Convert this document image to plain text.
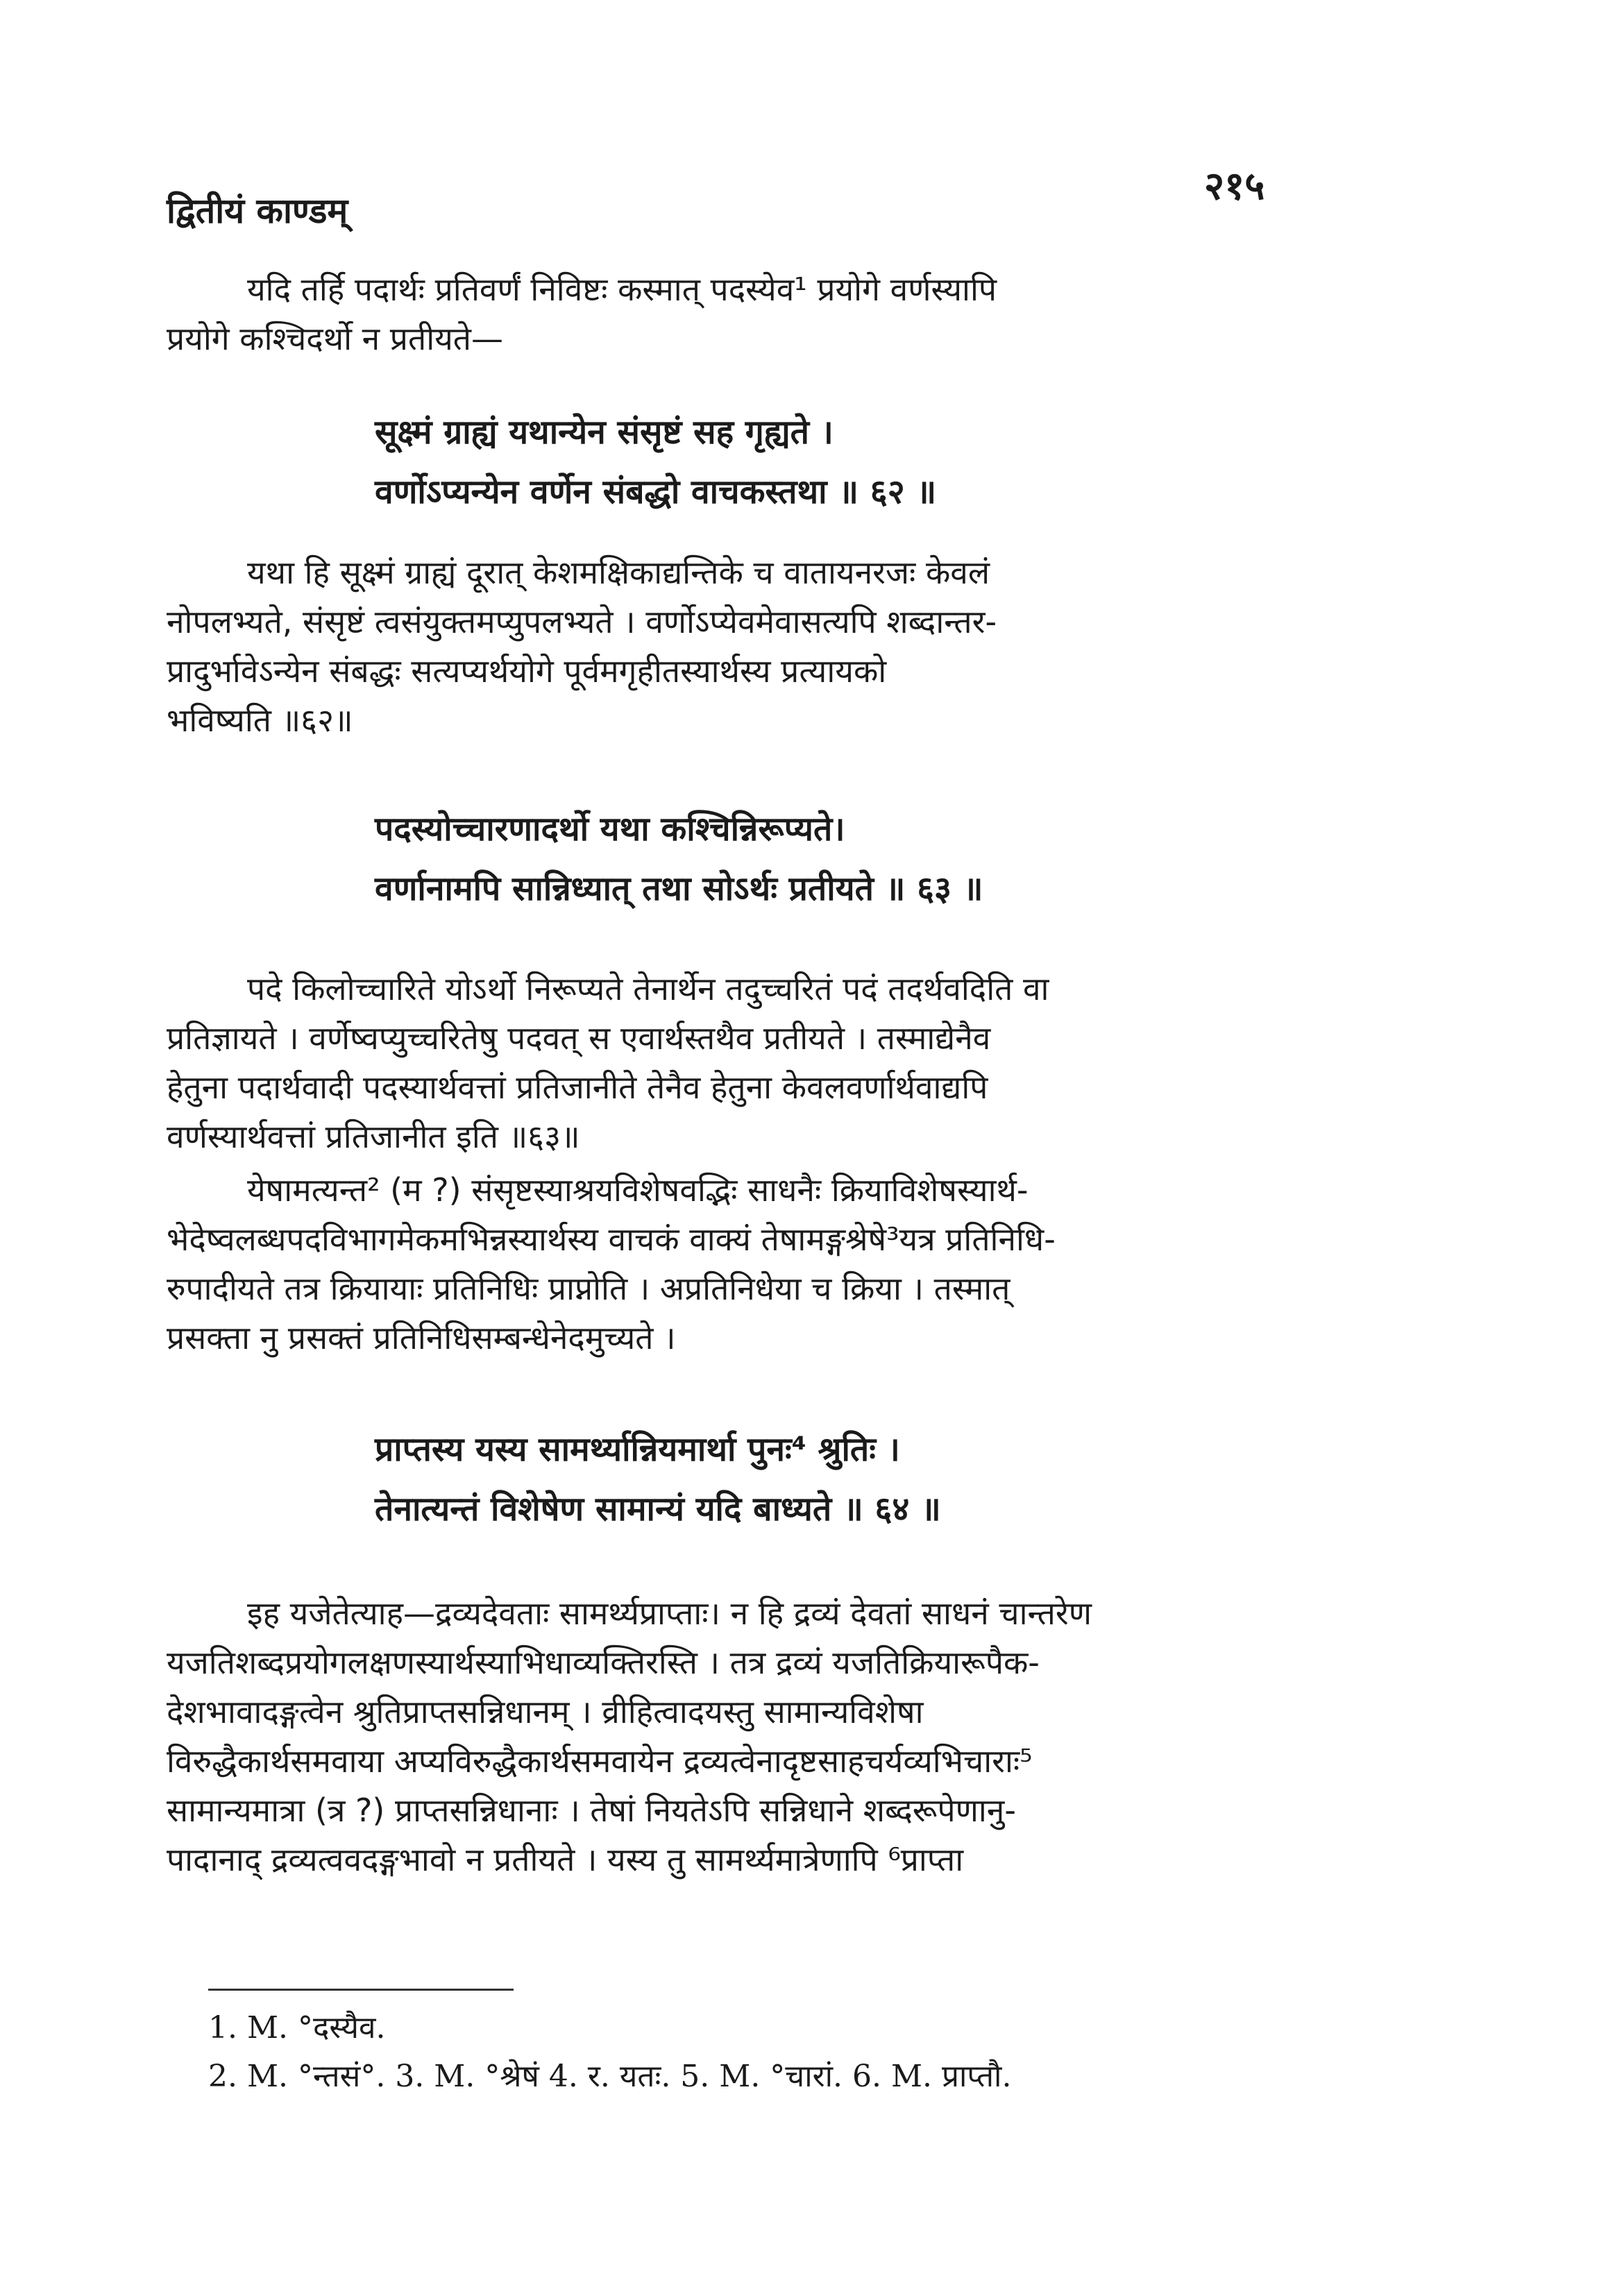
द्वितीयं काण्डम्
२१५
यदि तर्हि पदार्थः प्रतिवर्णं निविष्टः कस्मात् पदस्येव¹ प्रयोगे वर्णस्यापि
प्रयोगे कश्चिदर्थो न प्रतीयते—
सूक्ष्मं ग्राह्यं यथान्येन संसृष्टं सह गृह्यते ।
वर्णोऽप्यन्येन वर्णेन संबद्धो वाचकस्तथा ॥ ६२ ॥
यथा हि सूक्ष्मं ग्राह्यं दूरात् केशमक्षिकाद्यन्तिके च वातायनरजः केवलं
नोपलभ्यते, संसृष्टं त्वसंयुक्तमप्युपलभ्यते । वर्णोऽप्येवमेवासत्यपि शब्दान्तर-
प्रादुर्भावेऽन्येन संबद्धः सत्यप्यर्थयोगे पूर्वमगृहीतस्यार्थस्य प्रत्यायको
भविष्यति ॥६२॥
पदस्योच्चारणादर्थो यथा कश्चिन्निरूप्यते।
वर्णानामपि सान्निध्यात् तथा सोऽर्थः प्रतीयते ॥ ६३ ॥
पदे किलोच्चारिते योऽर्थो निरूप्यते तेनार्थेन तदुच्चरितं पदं तदर्थवदिति वा
प्रतिज्ञायते । वर्णेष्वप्युच्चरितेषु पदवत् स एवार्थस्तथैव प्रतीयते । तस्माद्येनैव
हेतुना पदार्थवादी पदस्यार्थवत्तां प्रतिजानीते तेनैव हेतुना केवलवर्णार्थवाद्यपि
वर्णस्यार्थवत्तां प्रतिजानीत इति ॥६३॥
येषामत्यन्त² (म ?) संसृष्टस्याश्रयविशेषवद्भिः साधनैः क्रियाविशेषस्यार्थ-
भेदेष्वलब्धपदविभागमेकमभिन्नस्यार्थस्य वाचकं वाक्यं तेषामङ्गश्रेषे³यत्र प्रतिनिधि-
रुपादीयते तत्र क्रियायाः प्रतिनिधिः प्राप्नोति । अप्रतिनिधेया च क्रिया । तस्मात्
प्रसक्ता नु प्रसक्तं प्रतिनिधिसम्बन्धेनेदमुच्यते ।
प्राप्तस्य यस्य सामर्थ्यान्नियमार्था पुनः⁴ श्रुतिः ।
तेनात्यन्तं विशेषेण सामान्यं यदि बाध्यते ॥ ६४ ॥
इह यजेतेत्याह—द्रव्यदेवताः सामर्थ्यप्राप्ताः। न हि द्रव्यं देवतां साधनं चान्तरेण
यजतिशब्दप्रयोगलक्षणस्यार्थस्याभिधाव्यक्तिरस्ति । तत्र द्रव्यं यजतिक्रियारूपैक-
देशभावादङ्गत्वेन श्रुतिप्राप्तसन्निधानम् । व्रीहित्वादयस्तु सामान्यविशेषा
विरुद्धैकार्थसमवाया अप्यविरुद्धैकार्थसमवायेन द्रव्यत्वेनादृष्टसाहचर्यव्यभिचाराः⁵
सामान्यमात्रा (त्र ?) प्राप्तसन्निधानाः । तेषां नियतेऽपि सन्निधाने शब्दरूपेणानु-
पादानाद् द्रव्यत्ववदङ्गभावो न प्रतीयते । यस्य तु सामर्थ्यमात्रेणापि ⁶प्राप्ता
1. M. °दस्यैव.
2. M. °न्तसं°. 3. M. °श्रेषं 4. र. यतः. 5. M. °चारां. 6. M. प्राप्तौ.
